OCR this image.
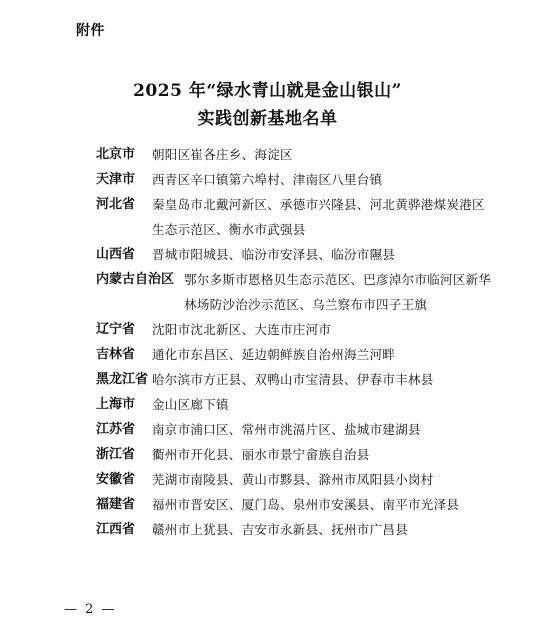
附件
2025 年“绿水青山就是金山银山”
实践创新基地名单
北京市	朝阳区崔各庄乡、海淀区
天津市	西青区辛口镇第六埠村、津南区八里台镇
河北省	秦皇岛市北戴河新区、承德市兴隆县、河北黄骅港煤炭港区生态示范区、衡水市武强县
山西省	晋城市阳城县、临汾市安泽县、临汾市隰县
内蒙古自治区 鄂尔多斯市恩格贝生态示范区、巴彦淖尔市临河区新华林场防沙治沙示范区、乌兰察布市四子王旗
辽宁省	沈阳市沈北新区、大连市庄河市
吉林省	通化市东昌区、延边朝鲜族自治州海兰河畔
黑龙江省 哈尔滨市方正县、双鸭山市宝清县、伊春市丰林县
上海市	金山区廊下镇
江苏省	南京市浦口区、常州市洮滆片区、盐城市建湖县
浙江省	衢州市开化县、丽水市景宁畲族自治县
安徽省	芜湖市南陵县、黄山市黟县、滁州市凤阳县小岗村
福建省	福州市晋安区、厦门岛、泉州市安溪县、南平市光泽县
江西省	赣州市上犹县、吉安市永新县、抚州市广昌县
— 2 —
